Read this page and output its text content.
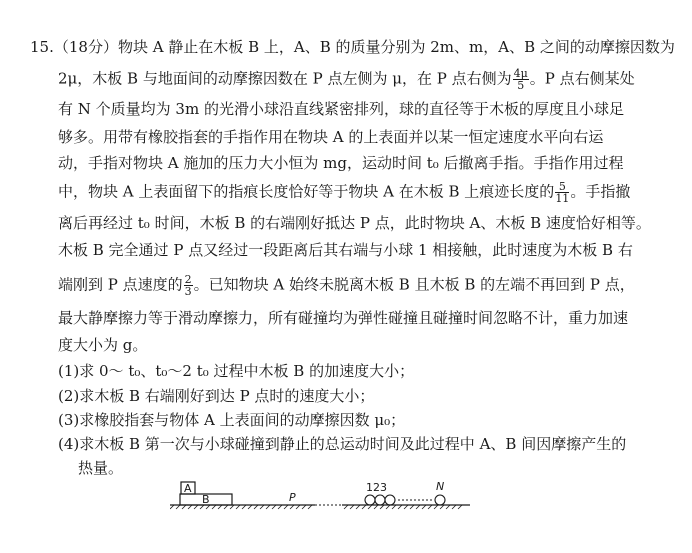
15.（18分）物块 A 静止在木板 B 上，A、B 的质量分别为 2m、m，A、B 之间的动摩擦因数为
2μ，木板 B 与地面间的动摩擦因数在 P 点左侧为 μ，在 P 点右侧为 $\frac{4\mu}{5}$ 。P 点右侧某处
有 N 个质量均为 3m 的光滑小球沿直线紧密排列，球的直径等于木板的厚度且小球足
够多。用带有橡胶指套的手指作用在物块 A 的上表面并以某一恒定速度水平向右运
动，手指对物块 A 施加的压力大小恒为 mg，运动时间 t₀ 后撤离手指。手指作用过程
中，物块 A 上表面留下的指痕长度恰好等于物块 A 在木板 B 上痕迹长度的 $\frac{5}{11}$ 。手指撤
离后再经过 t₀ 时间，木板 B 的右端刚好抵达 P 点，此时物块 A、木板 B 速度恰好相等。
木板 B 完全通过 P 点又经过一段距离后其右端与小球 1 相接触，此时速度为木板 B 右
端刚到 P 点速度的 $\frac{2}{3}$ 。已知物块 A 始终未脱离木板 B 且木板 B 的左端不再回到 P 点，
最大静摩擦力等于滑动摩擦力，所有碰撞均为弹性碰撞且碰撞时间忽略不计，重力加速
度大小为 g。
(1)求 0～ t₀、t₀～2 t₀ 过程中木板 B 的加速度大小；
(2)求木板 B 右端刚好到达 P 点时的速度大小；
(3)求橡胶指套与物体 A 上表面间的动摩擦因数 μ₀；
(4)求木板 B 第一次与小球碰撞到静止的总运动时间及此过程中 A、B 间因摩擦产生的
热量。
B
A
P
123	N
